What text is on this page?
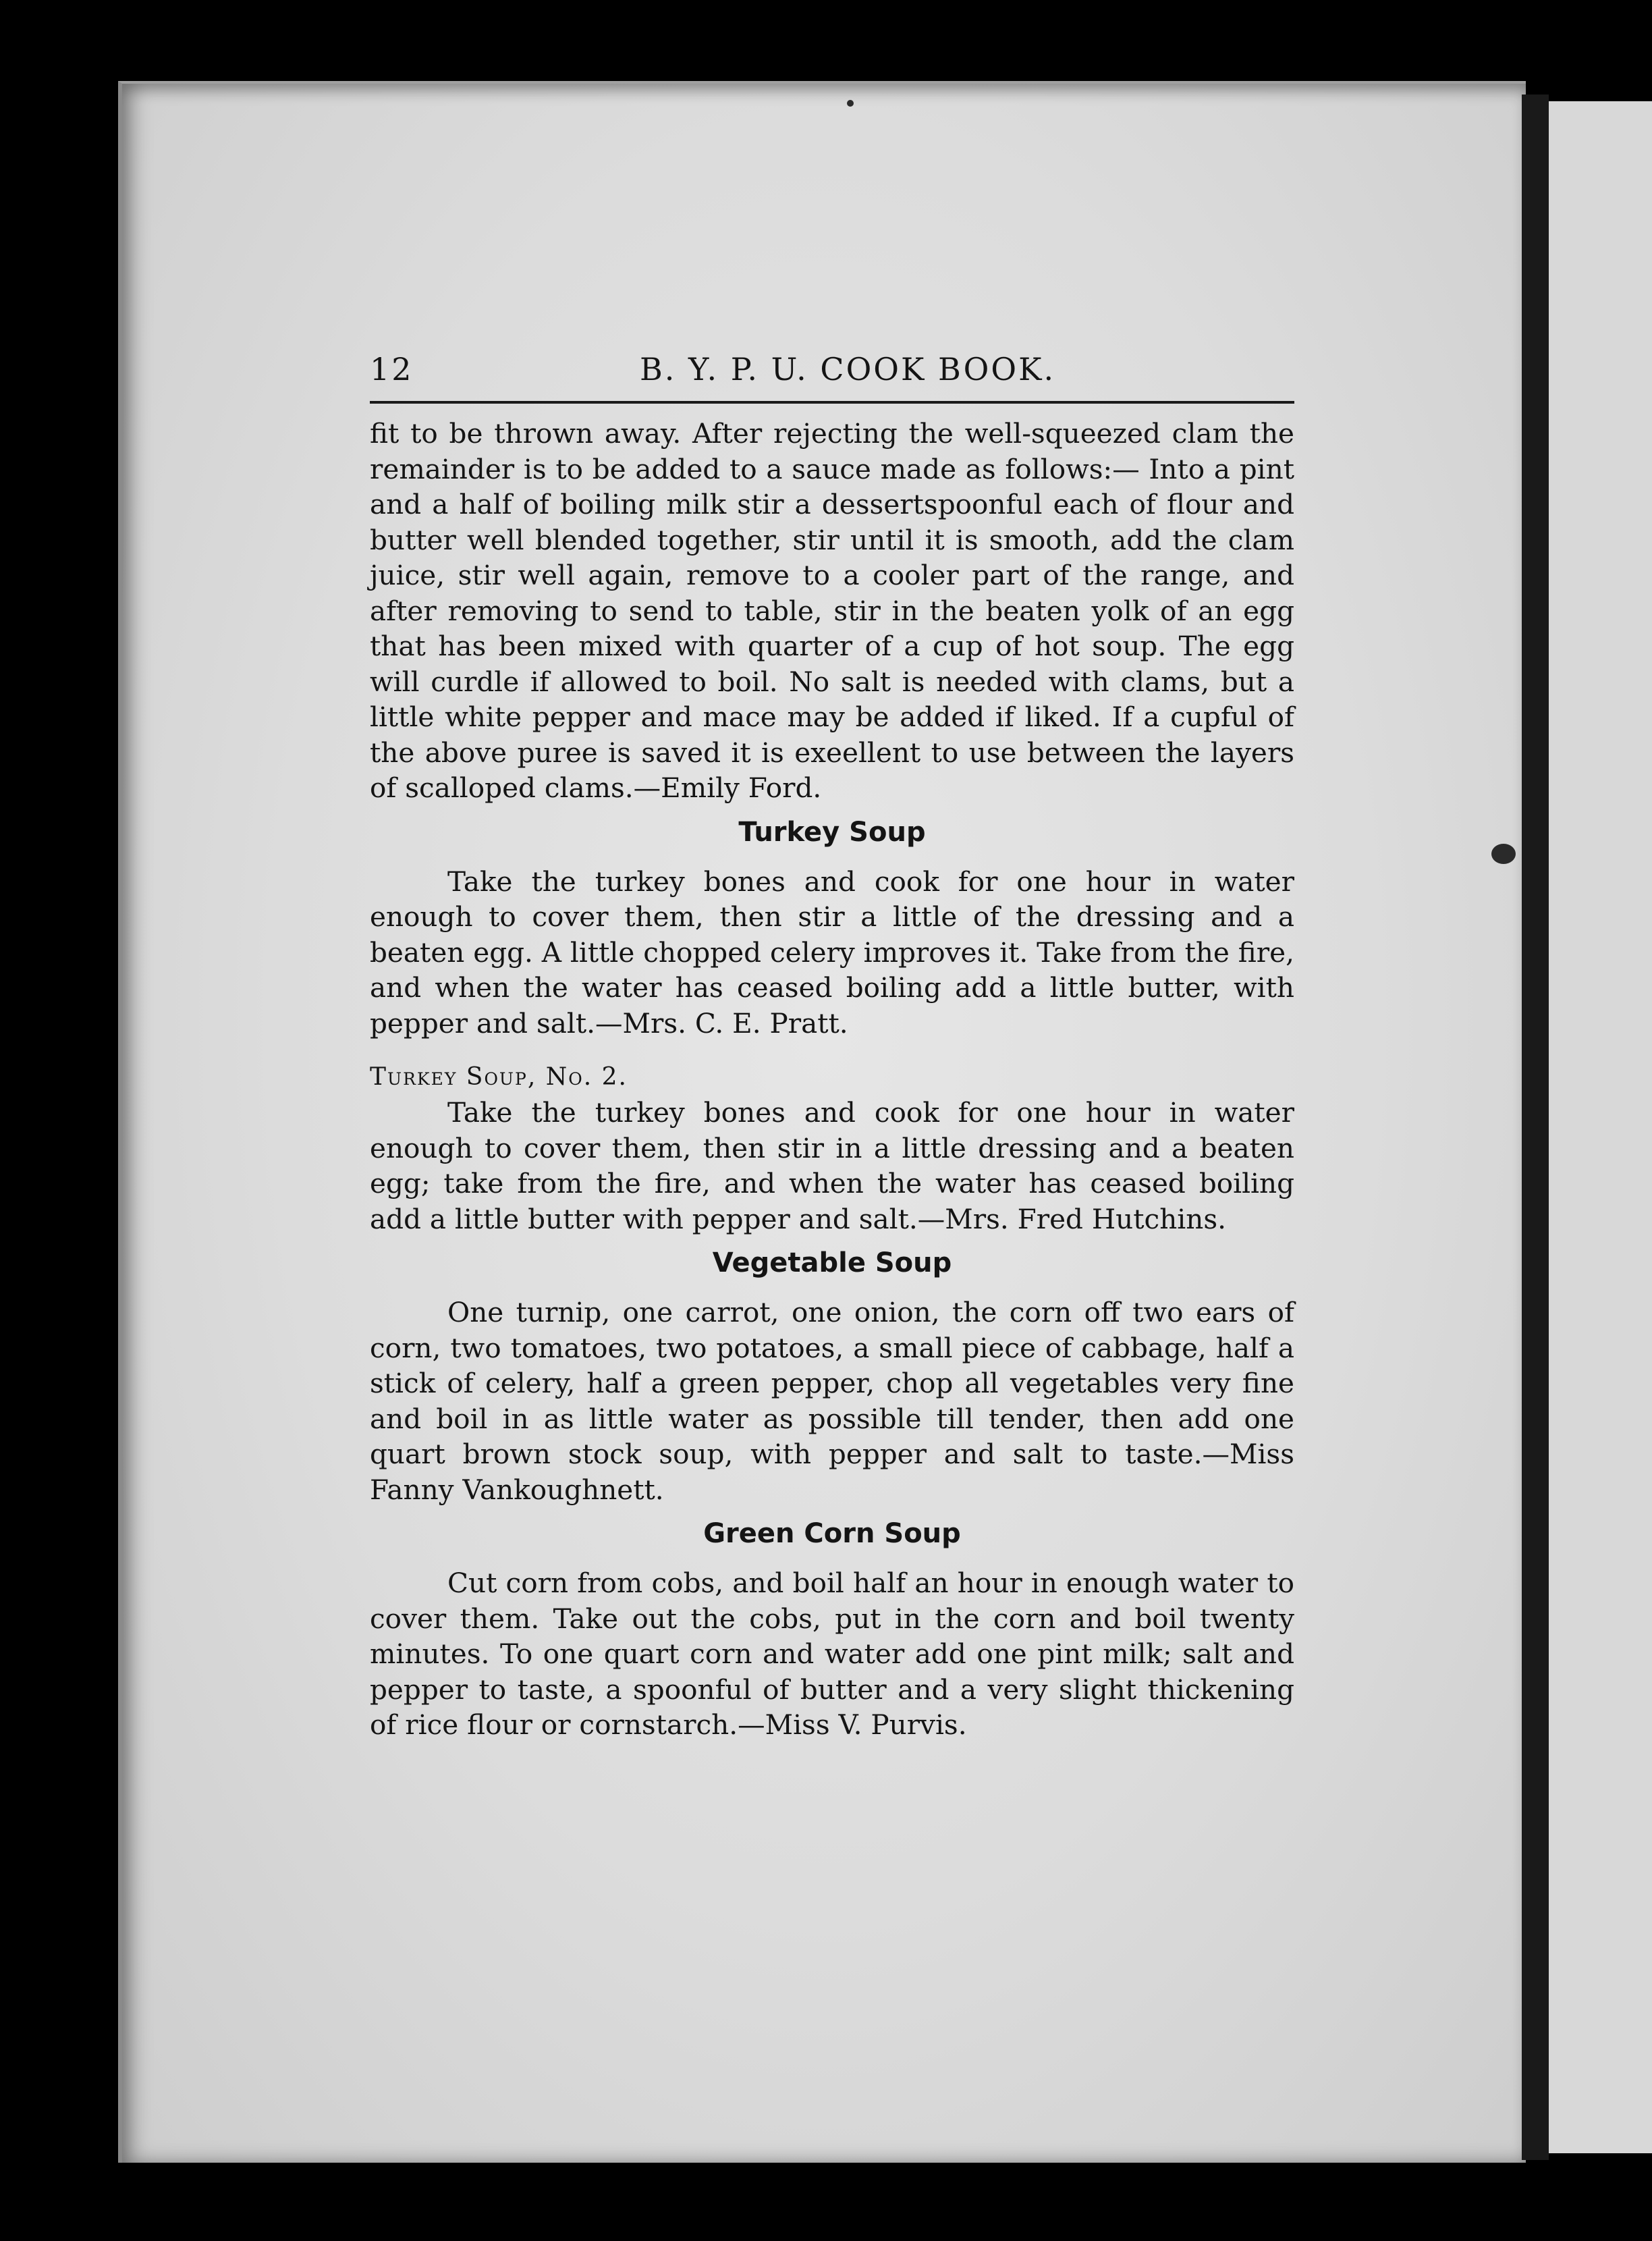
12	B. Y. P. U. COOK BOOK.

fit to be thrown away. After rejecting the well-squeezed clam the remainder is to be added to a sauce made as follows:— Into a pint and a half of boiling milk stir a dessertspoonful each of flour and butter well blended together, stir until it is smooth, add the clam juice, stir well again, remove to a cooler part of the range, and after removing to send to table, stir in the beaten yolk of an egg that has been mixed with quarter of a cup of hot soup. The egg will curdle if allowed to boil. No salt is needed with clams, but a little white pepper and mace may be added if liked. If a cupful of the above puree is saved it is exeellent to use between the layers of scalloped clams.—Emily Ford.

Turkey Soup

Take the turkey bones and cook for one hour in water enough to cover them, then stir a little of the dressing and a beaten egg. A little chopped celery improves it. Take from the fire, and when the water has ceased boiling add a little butter, with pepper and salt.—Mrs. C. E. Pratt.

Turkey Soup, No. 2.

Take the turkey bones and cook for one hour in water enough to cover them, then stir in a little dressing and a beaten egg; take from the fire, and when the water has ceased boiling add a little butter with pepper and salt.—Mrs. Fred Hutchins.

Vegetable Soup

One turnip, one carrot, one onion, the corn off two ears of corn, two tomatoes, two potatoes, a small piece of cabbage, half a stick of celery, half a green pepper, chop all vegetables very fine and boil in as little water as possible till tender, then add one quart brown stock soup, with pepper and salt to taste.—Miss Fanny Vankoughnett.

Green Corn Soup

Cut corn from cobs, and boil half an hour in enough water to cover them. Take out the cobs, put in the corn and boil twenty minutes. To one quart corn and water add one pint milk; salt and pepper to taste, a spoonful of butter and a very slight thickening of rice flour or cornstarch.—Miss V. Purvis.
